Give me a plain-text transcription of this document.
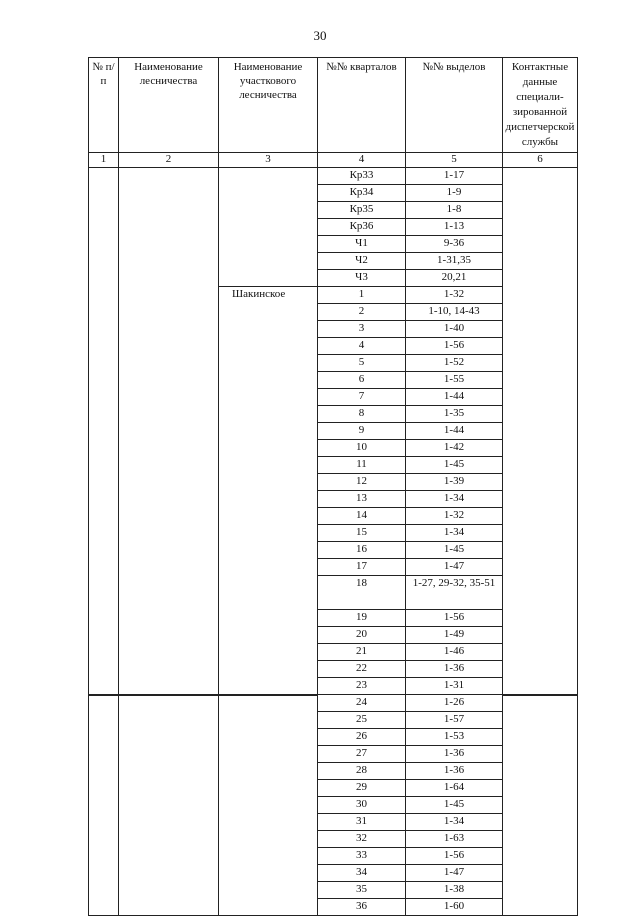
30
№ п/п	Наименование лесничества	Наименование участкового лесничества	№№ кварталов	№№ выделов	Контактные данные специали-зированной диспетчерской службы
1	2	3	4	5	6
			Кр33	1-17	

			Кр34	1-9	

			Кр35	1-8	

			Кр36	1-13	

			Ч1	9-36	

			Ч2	1-31,35	

			Ч3	20,21	

		Шакинское	1	1-32	

			2	1-10, 14-43	

			3	1-40	

			4	1-56	

			5	1-52	

			6	1-55	

			7	1-44	

			8	1-35	

			9	1-44	

			10	1-42	

			11	1-45	

			12	1-39	

			13	1-34	

			14	1-32	

			15	1-34	

			16	1-45	

			17	1-47	

			18	1-27, 29-32, 35-51	

			19	1-56	

			20	1-49	

			21	1-46	

			22	1-36	

			23	1-31	

			24	1-26	

			25	1-57	

			26	1-53	

			27	1-36	

			28	1-36	

			29	1-64	

			30	1-45	

			31	1-34	

			32	1-63	

			33	1-56	

			34	1-47	

			35	1-38	

			36	1-60	
